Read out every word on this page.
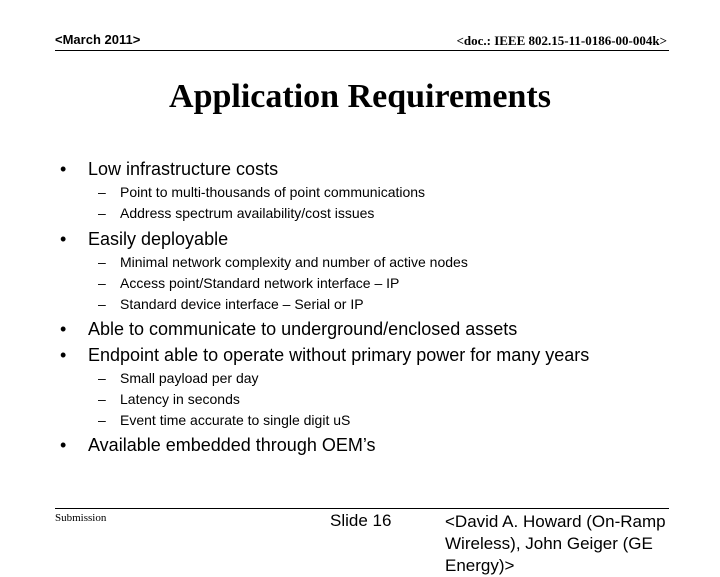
<March 2011>	<doc.: IEEE 802.15-11-0186-00-004k>
Application Requirements
• Low infrastructure costs
– Point to multi-thousands of point communications
– Address spectrum availability/cost issues
• Easily deployable
– Minimal network complexity and number of active nodes
– Access point/Standard network interface – IP
– Standard device interface – Serial or IP
• Able to communicate to underground/enclosed assets
• Endpoint able to operate without primary power for many years
– Small payload per day
– Latency in seconds
– Event time accurate to single digit uS
• Available embedded through OEM’s
Submission	Slide 16	<David A. Howard (On-Ramp Wireless), John Geiger (GE Energy)>
